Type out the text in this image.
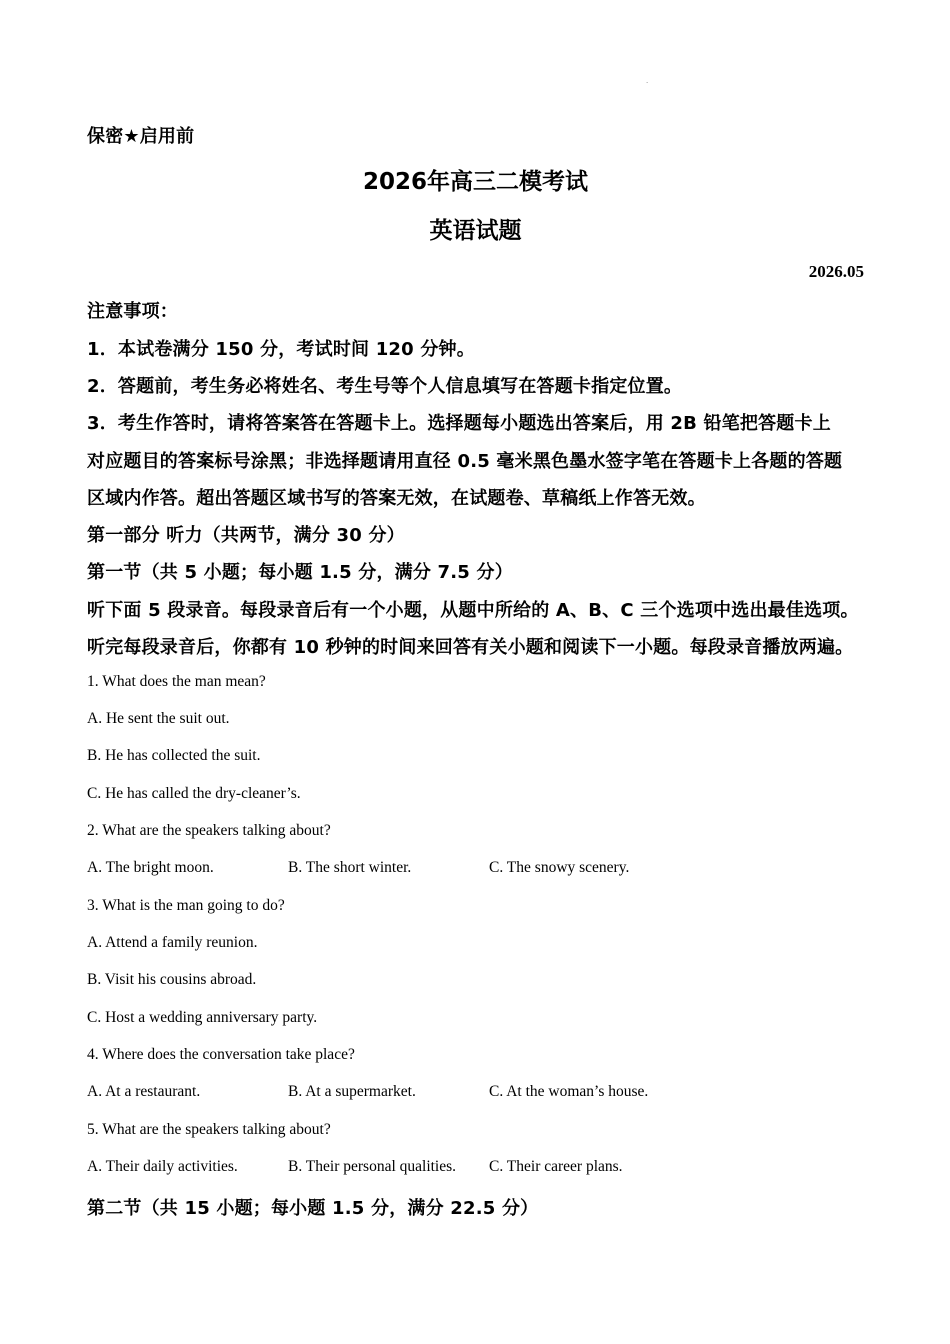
.
保密★启用前
2026年高三二模考试
英语试题
2026.05
注意事项：
1．本试卷满分 150 分，考试时间 120 分钟。
2．答题前，考生务必将姓名、考生号等个人信息填写在答题卡指定位置。
3．考生作答时，请将答案答在答题卡上。选择题每小题选出答案后，用 2B 铅笔把答题卡上
对应题目的答案标号涂黑；非选择题请用直径 0.5 毫米黑色墨水签字笔在答题卡上各题的答题
区域内作答。超出答题区域书写的答案无效，在试题卷、草稿纸上作答无效。
第一部分 听力（共两节，满分 30 分）
第一节（共 5 小题；每小题 1.5 分，满分 7.5 分）
听下面 5 段录音。每段录音后有一个小题，从题中所给的 A、B、C 三个选项中选出最佳选项。
听完每段录音后，你都有 10 秒钟的时间来回答有关小题和阅读下一小题。每段录音播放两遍。
1. What does the man mean?
A. He sent the suit out.
B. He has collected the suit.
C. He has called the dry-cleaner’s.
2. What are the speakers talking about?
A. The bright moon.	B. The short winter.	C. The snowy scenery.
3. What is the man going to do?
A. Attend a family reunion.
B. Visit his cousins abroad.
C. Host a wedding anniversary party.
4. Where does the conversation take place?
A. At a restaurant.	B. At a supermarket.	C. At the woman’s house.
5. What are the speakers talking about?
A. Their daily activities.	B. Their personal qualities. C. Their career plans.
第二节（共 15 小题；每小题 1.5 分，满分 22.5 分）
